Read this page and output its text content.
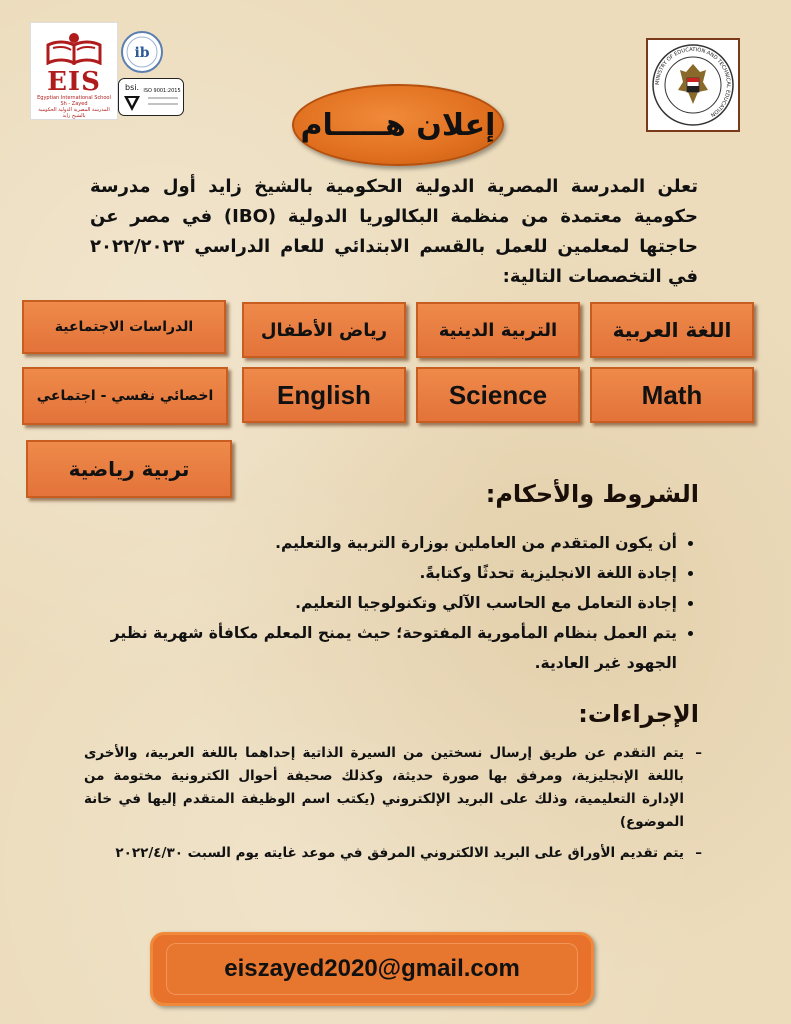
EIS
Egyptian International School Sh - Zayed
المدرسة المصرية الدولية الحكومية بالشيخ زايد
ib
bsi. ISO 9001:2015
MINISTRY OF EDUCATION AND TECHNICAL EDUCATION
إعلان هـــــام
تعلن المدرسة المصرية الدولية الحكومية بالشيخ زايد أول مدرسة حكومية معتمدة من منظمة البكالوريا الدولية (IBO) في مصر عن حاجتها لمعلمين للعمل بالقسم الابتدائي للعام الدراسي ٢٠٢٢/٢٠٢٣ في التخصصات التالية:
اللغة العربية
التربية الدينية
رياض الأطفال
الدراسات الاجتماعية
Math
Science
English
اخصائي نفسي - اجتماعي
تربية رياضية
الشروط والأحكام:
• أن يكون المتقدم من العاملين بوزارة التربية والتعليم.
• إجادة اللغة الانجليزية تحدثًا وكتابةً.
• إجادة التعامل مع الحاسب الآلي وتكنولوجيا التعليم.
• يتم العمل بنظام المأمورية المفتوحة؛ حيث يمنح المعلم مكافأة شهرية نظير الجهود غير العادية.
الإجراءات:
–
يتم التقدم عن طريق إرسال نسختين من السيرة الذاتية إحداهما باللغة العربية، والأخرى باللغة الإنجليزية، ومرفق بها صورة حديثة، وكذلك صحيفة أحوال الكترونية مختومة من الإدارة التعليمية، وذلك على البريد الإلكتروني (يكتب اسم الوظيفة المتقدم إليها في خانة الموضوع)
–
يتم تقديم الأوراق على البريد الالكتروني المرفق في موعد غايته يوم السبت ٢٠٢٢/٤/٣٠
eiszayed2020@gmail.com
